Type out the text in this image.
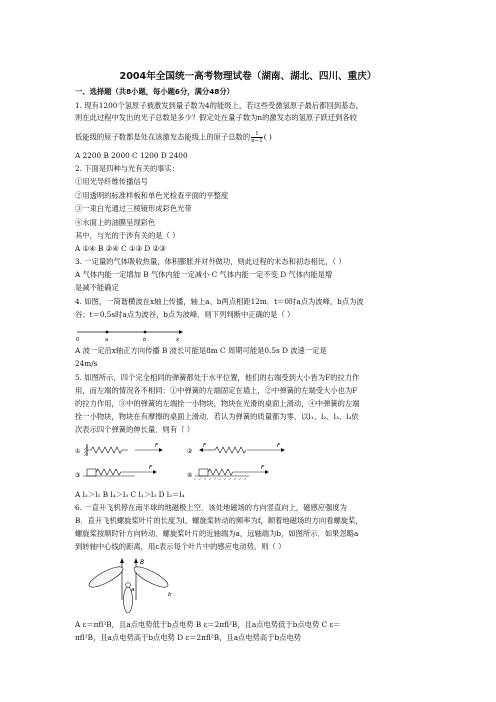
2004年全国统一高考物理试卷（湖南、湖北、四川、重庆）
一、选择题（共8小题，每小题6分，满分48分）
1. 现有1200个氢原子被激发到量子数为4的能级上，若这些受激氢原子最后都回到基态，
则在此过程中发出的光子总数是多少？假定处在量子数为n的激发态的氢原子跃迁到各较
低能级的原子数都是处在该激发态能级上的原子总数的 $\frac{1}{n-1}$ ( )
A 2200 B 2000 C 1200 D 2400
2. 下面是四种与光有关的事实：
①用光导纤维传播信号
②用透明的标准样板和单色光检查平面的平整度
③一束白光通过三棱镜形成彩色光带
④水面上的油膜呈现彩色
其中，与光的干涉有关的是（ ）
A ①④ B ②④ C ①③ D ②③
3. 一定量的气体吸收热量，体积膨胀并对外做功，则此过程的末态和初态相比，（ ）
A 气体内能一定增加 B 气体内能一定减小 C 气体内能一定不变 D 气体内能是增
是减不能确定
4. 如图，一简谐横波在x轴上传播，轴上a、b两点相距12m．t＝0时a点为波峰，b点为波
谷；t＝0.5s时a点为波谷，b点为波峰．则下列判断中正确的是（ ）
0	a	b	x
A 波一定沿x轴正方向传播 B 波长可能是8m C 周期可能是0.5s D 波速一定是
24m/s
5. 如图所示，四个完全相同的弹簧都处于水平位置，他们的右端受到大小皆为F的拉力作
用，而左端的情况各不相同：①中弹簧的左端固定在墙上，②中弹簧的左端受大小也为F
的拉力作用，③中的弹簧的左端拴一小物块，物块在光滑的桌面上滑动，④中弹簧的左端
拴一小物块，物块在有摩擦的桌面上滑动．若认为弹簧的质量都为零，以l₁、l₂、l₃、l₄依
次表示四个弹簧的伸长量．则有（ ）
①
F
②
F	F
③
F
④
F
A l₂＞l₁ B l₄＞l₃ C l₁＞l₃ D l₂＝l₄
6. 一直升飞机停在南半球的地磁极上空．该处地磁场的方向竖直向上，磁感应强度为
B．直升飞机螺旋桨叶片的长度为l，螺旋桨转动的频率为f，顺着地磁场的方向看螺旋桨，
螺旋桨按顺时针方向转动．螺旋桨叶片的近轴端为a，远轴端为b，如图所示．如果忽略a
到转轴中心线的距离，用ε表示每个叶片中的感应电动势，则（ ）
B
a
b
A ε＝πfl²B，且a点电势低于b点电势 B ε＝2πfl²B，且a点电势低于b点电势 C ε＝
πfl²B，且a点电势高于b点电势 D ε＝2πfl²B，且a点电势高于b点电势
